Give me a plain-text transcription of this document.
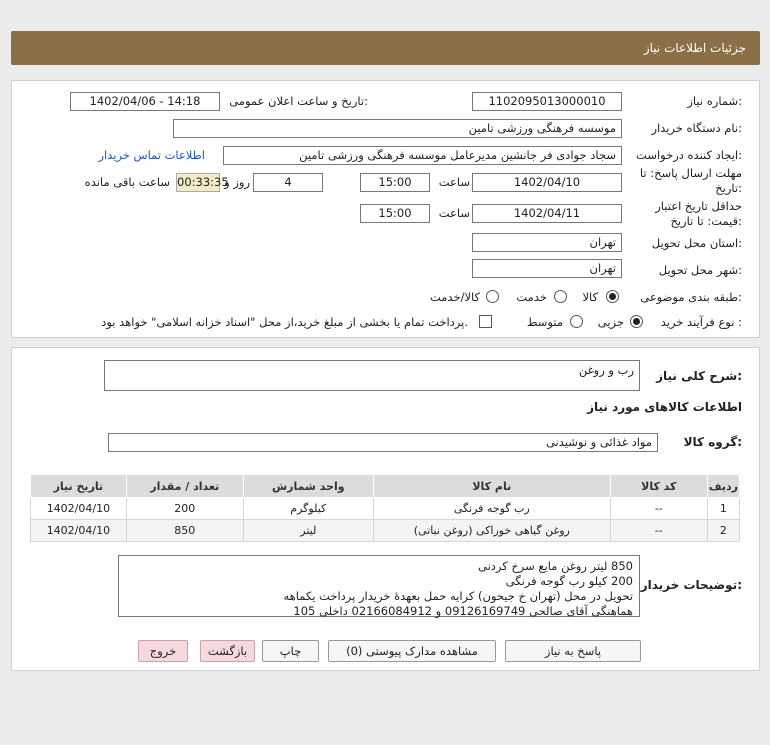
جزئیات اطلاعات نیاز
شماره نیاز:
1102095013000010
تاریخ و ساعت اعلان عمومی:
1402/04/06 - 14:18
نام دستگاه خریدار:
موسسه فرهنگی ورزشی تامین
ایجاد کننده درخواست:
سجاد جوادی فر جانشین مدیرعامل موسسه فرهنگی ورزشی تامین
اطلاعات تماس خریدار
مهلت ارسال پاسخ: تا
تاریخ:
1402/04/10
ساعت
15:00
4
روز و
00:33:35
ساعت باقی مانده
حداقل تاریخ اعتبار
قیمت: تا تاریخ:
1402/04/11
ساعت
15:00
استان محل تحویل:
تهران
شهر محل تحویل:
تهران
طبقه بندی موضوعی:
کالا
خدمت
کالا/خدمت
نوع فرآیند خرید :
جزیی
متوسط
پرداخت تمام یا بخشی از مبلغ خرید،از محل "اسناد خزانه اسلامی" خواهد بود.
شرح کلی نیاز:
رب و روغن
اطلاعات کالاهای مورد نیاز
گروه کالا:
مواد غذائی و نوشیدنی
ردیف	کد کالا	نام کالا	واحد شمارش	تعداد / مقدار	تاریخ نیاز
1	--	رب گوجه فرنگی	کیلوگرم	200	1402/04/10
2	--	روغن گیاهی خوراکی (روغن نباتی)	لیتر	850	1402/04/10
توضیحات خریدار:
850 لیتر روغن مایع سرخ کردنی
200 کیلو رب گوجه فرنگی
تحویل در محل (تهران خ جیحون) کرایه حمل بعهدۀ خریدار پرداخت یکماهه
هماهنگی آقای صالحی 09126169749 و 02166084912 داخلی 105
پاسخ به نیاز
مشاهده مدارک پیوستی (0)
چاپ
بازگشت
خروج
